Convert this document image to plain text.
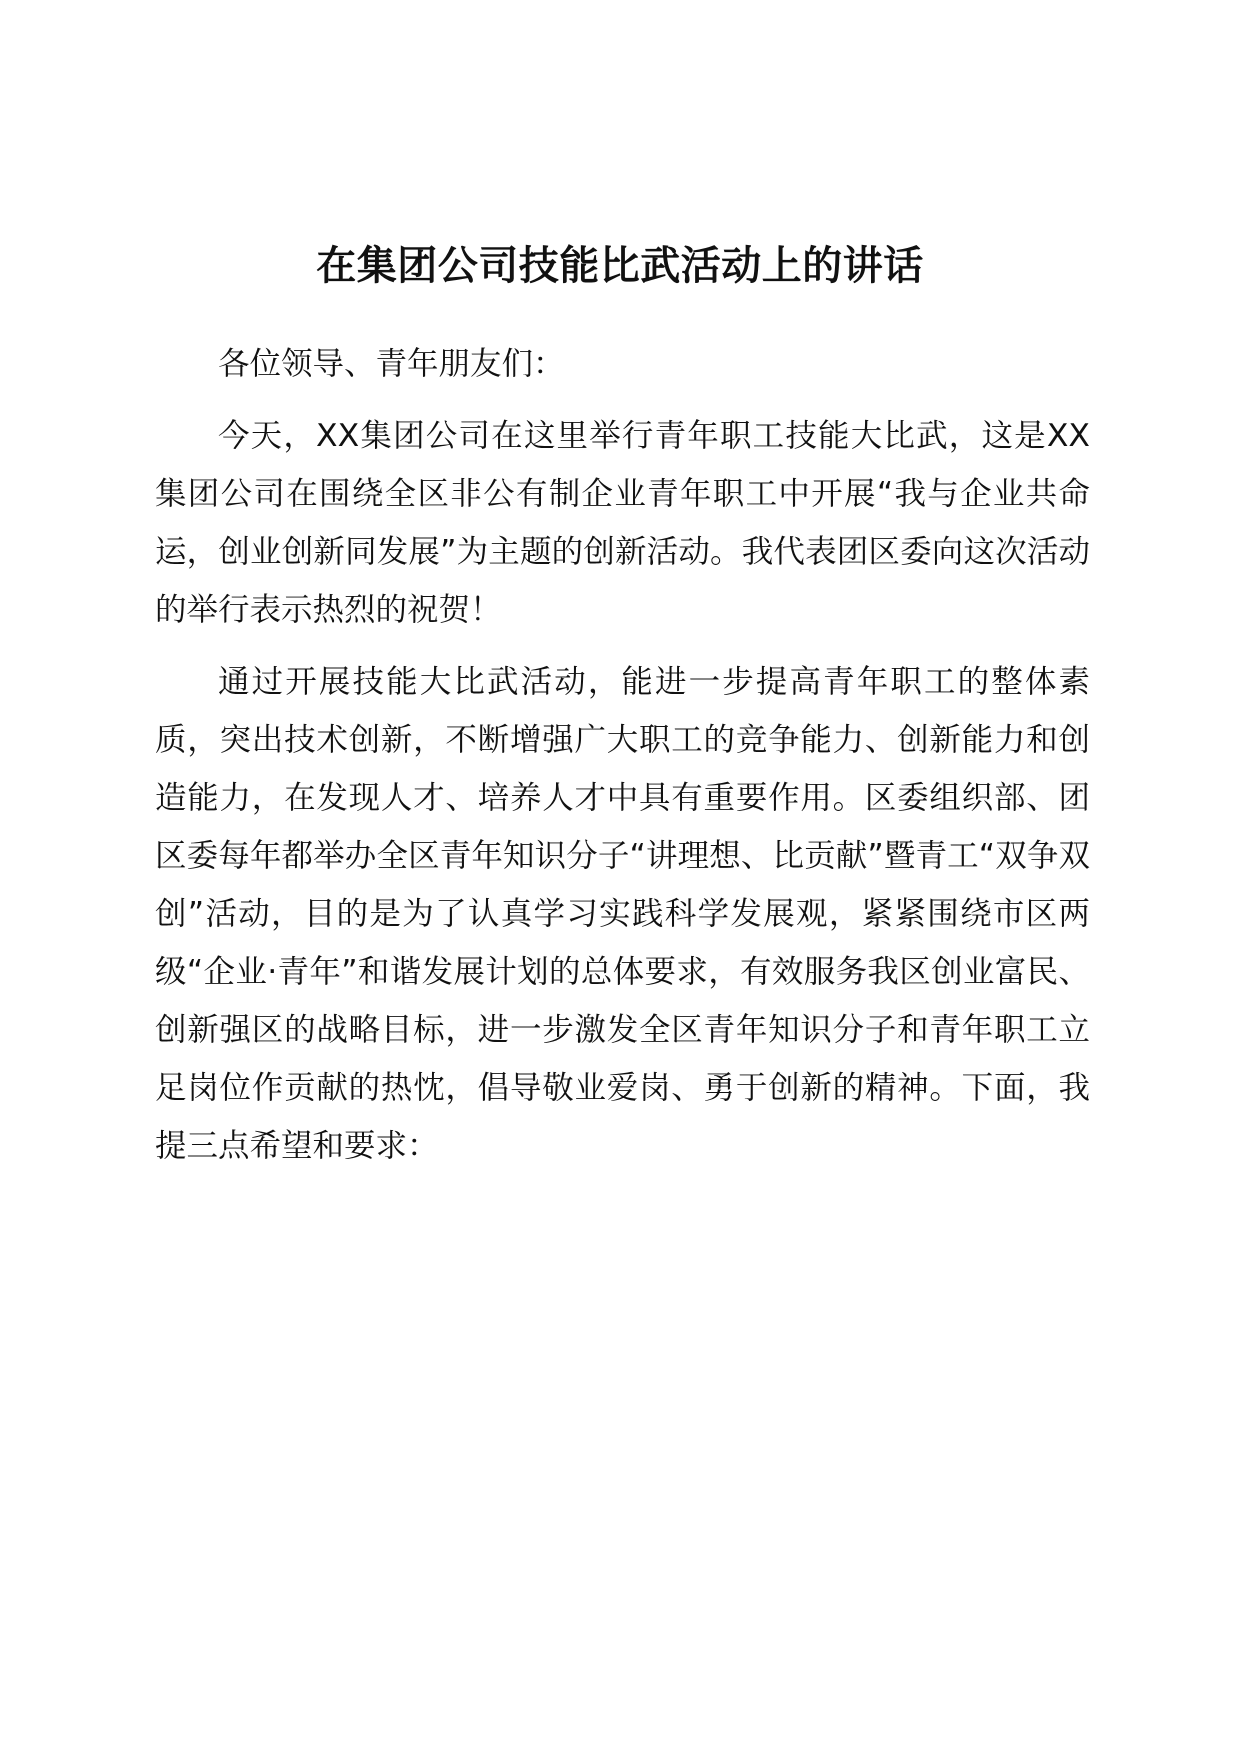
在集团公司技能比武活动上的讲话

各位领导、青年朋友们：

今天，XX集团公司在这里举行青年职工技能大比武，这是XX集团公司在围绕全区非公有制企业青年职工中开展“我与企业共命运，创业创新同发展”为主题的创新活动。我代表团区委向这次活动的举行表示热烈的祝贺！

通过开展技能大比武活动，能进一步提高青年职工的整体素质，突出技术创新，不断增强广大职工的竞争能力、创新能力和创造能力，在发现人才、培养人才中具有重要作用。区委组织部、团区委每年都举办全区青年知识分子“讲理想、比贡献”暨青工“双争双创”活动，目的是为了认真学习实践科学发展观，紧紧围绕市区两级“企业·青年”和谐发展计划的总体要求，有效服务我区创业富民、创新强区的战略目标，进一步激发全区青年知识分子和青年职工立足岗位作贡献的热忱，倡导敬业爱岗、勇于创新的精神。下面，我提三点希望和要求：
